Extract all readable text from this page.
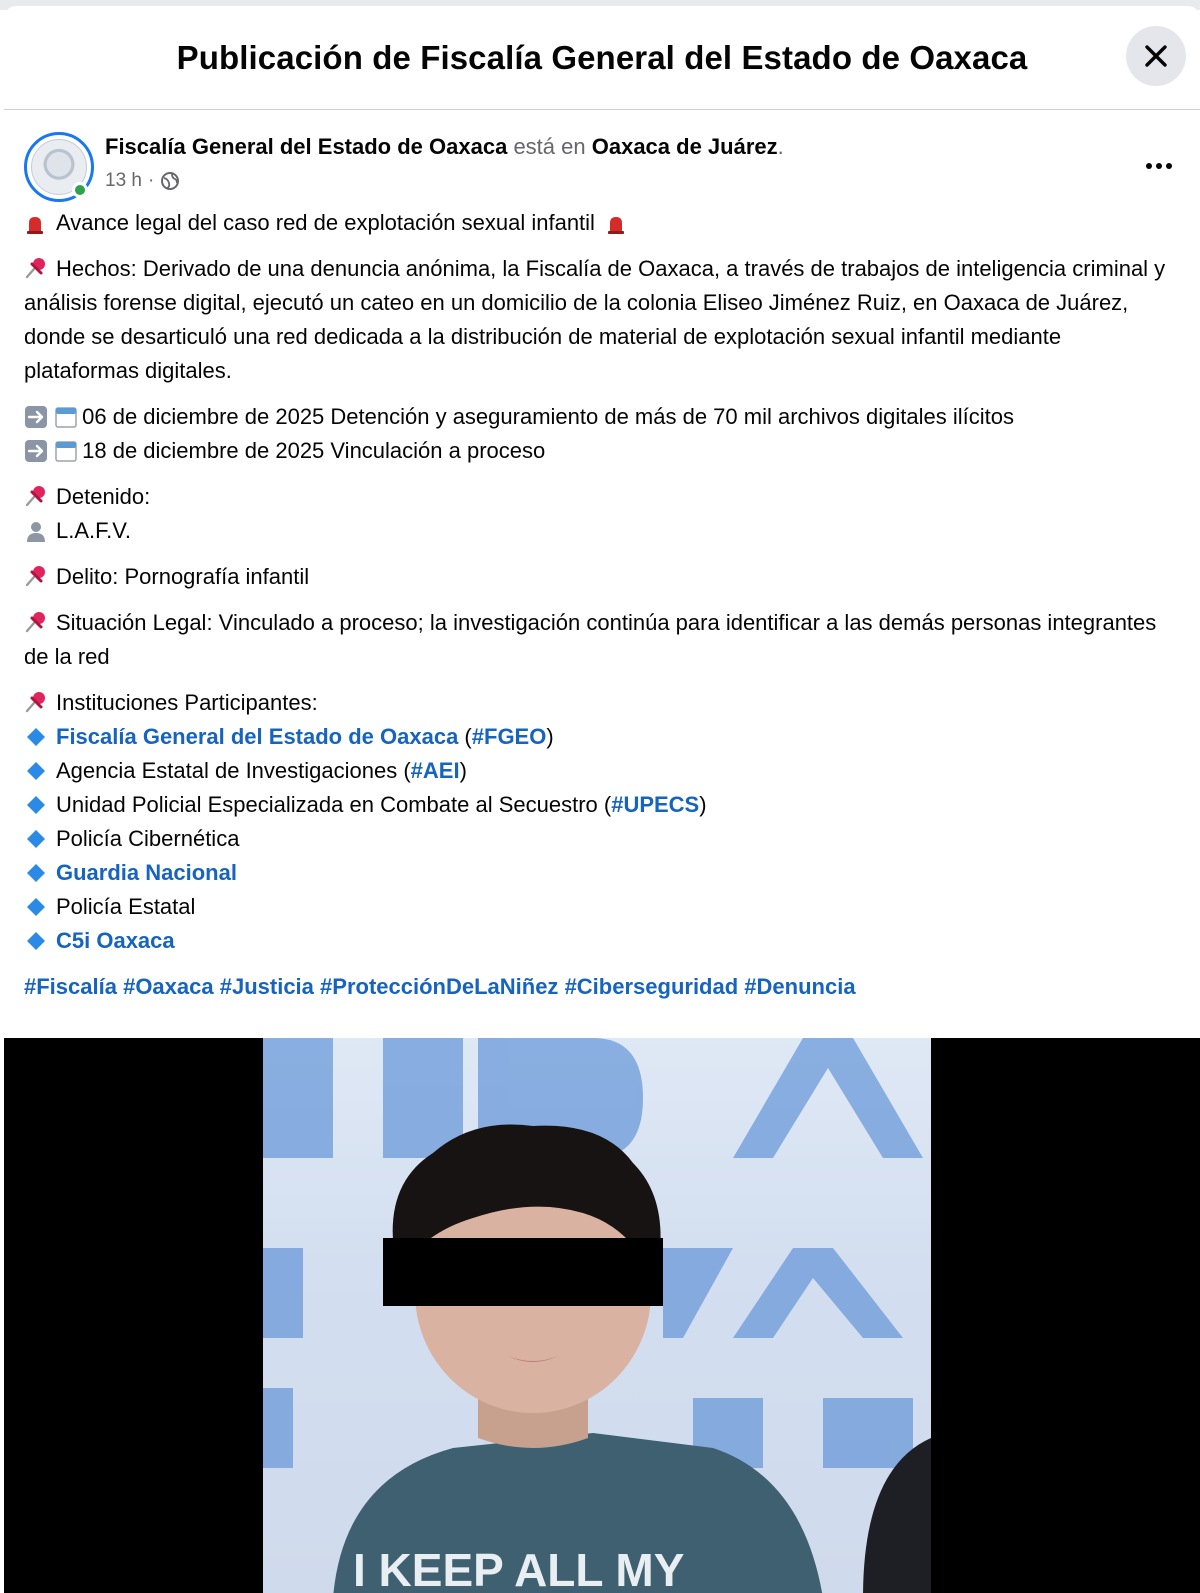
Publicación de Fiscalía General del Estado de Oaxaca
Fiscalía General del Estado de Oaxaca está en Oaxaca de Juárez.
13 h ·
Avance legal del caso red de explotación sexual infantil
Hechos: Derivado de una denuncia anónima, la Fiscalía de Oaxaca, a través de trabajos de inteligencia criminal y análisis forense digital, ejecutó un cateo en un domicilio de la colonia Eliseo Jiménez Ruiz, en Oaxaca de Juárez, donde se desarticuló una red dedicada a la distribución de material de explotación sexual infantil mediante plataformas digitales.
06 de diciembre de 2025 Detención y aseguramiento de más de 70 mil archivos digitales ilícitos
18 de diciembre de 2025 Vinculación a proceso
Detenido:
L.A.F.V.
Delito: Pornografía infantil
Situación Legal: Vinculado a proceso; la investigación continúa para identificar a las demás personas integrantes de la red
Instituciones Participantes:
Fiscalía General del Estado de Oaxaca (#FGEO)
Agencia Estatal de Investigaciones (#AEI)
Unidad Policial Especializada en Combate al Secuestro (#UPECS)
Policía Cibernética
Guardia Nacional
Policía Estatal
C5i Oaxaca
#Fiscalía #Oaxaca #Justicia #ProtecciónDeLaNiñez #Ciberseguridad #Denuncia
I KEEP ALL MY
